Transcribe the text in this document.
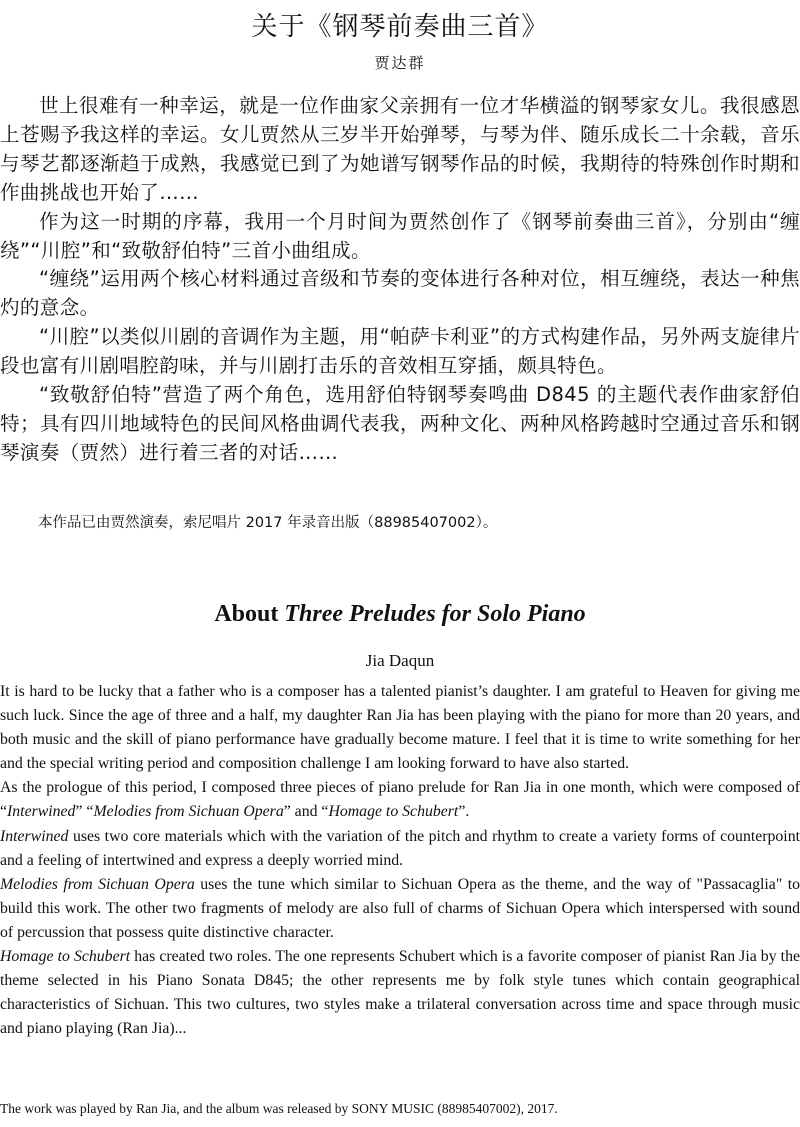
关于《钢琴前奏曲三首》
贾达群

世上很难有一种幸运，就是一位作曲家父亲拥有一位才华横溢的钢琴家女儿。我很感恩上苍赐予我这样的幸运。女儿贾然从三岁半开始弹琴，与琴为伴、随乐成长二十余载，音乐与琴艺都逐渐趋于成熟，我感觉已到了为她谱写钢琴作品的时候，我期待的特殊创作时期和作曲挑战也开始了……

作为这一时期的序幕，我用一个月时间为贾然创作了《钢琴前奏曲三首》，分别由“缠绕”“川腔”和“致敬舒伯特”三首小曲组成。

“缠绕”运用两个核心材料通过音级和节奏的变体进行各种对位，相互缠绕，表达一种焦灼的意念。

“川腔”以类似川剧的音调作为主题，用“帕萨卡利亚”的方式构建作品，另外两支旋律片段也富有川剧唱腔韵味，并与川剧打击乐的音效相互穿插，颇具特色。

“致敬舒伯特”营造了两个角色，选用舒伯特钢琴奏鸣曲 D845 的主题代表作曲家舒伯特；具有四川地域特色的民间风格曲调代表我，两种文化、两种风格跨越时空通过音乐和钢琴演奏（贾然）进行着三者的对话……

本作品已由贾然演奏，索尼唱片 2017 年录音出版（88985407002）。
About Three Preludes for Solo Piano
Jia Daqun

It is hard to be lucky that a father who is a composer has a talented pianist’s daughter. I am grateful to Heaven for giving me such luck. Since the age of three and a half, my daughter Ran Jia has been playing with the piano for more than 20 years, and both music and the skill of piano performance have gradually become mature. I feel that it is time to write something for her and the special writing period and composition challenge I am looking forward to have also started.

As the prologue of this period, I composed three pieces of piano prelude for Ran Jia in one month, which were composed of “Interwined” “Melodies from Sichuan Opera” and “Homage to Schubert”.

Interwined uses two core materials which with the variation of the pitch and rhythm to create a variety forms of counterpoint and a feeling of intertwined and express a deeply worried mind.

Melodies from Sichuan Opera uses the tune which similar to Sichuan Opera as the theme, and the way of "Passacaglia" to build this work. The other two fragments of melody are also full of charms of Sichuan Opera which interspersed with sound of percussion that possess quite distinctive character.

Homage to Schubert has created two roles. The one represents Schubert which is a favorite composer of pianist Ran Jia by the theme selected in his Piano Sonata D845; the other represents me by folk style tunes which contain geographical characteristics of Sichuan. This two cultures, two styles make a trilateral conversation across time and space through music and piano playing (Ran Jia)...

The work was played by Ran Jia, and the album was released by SONY MUSIC (88985407002), 2017.
